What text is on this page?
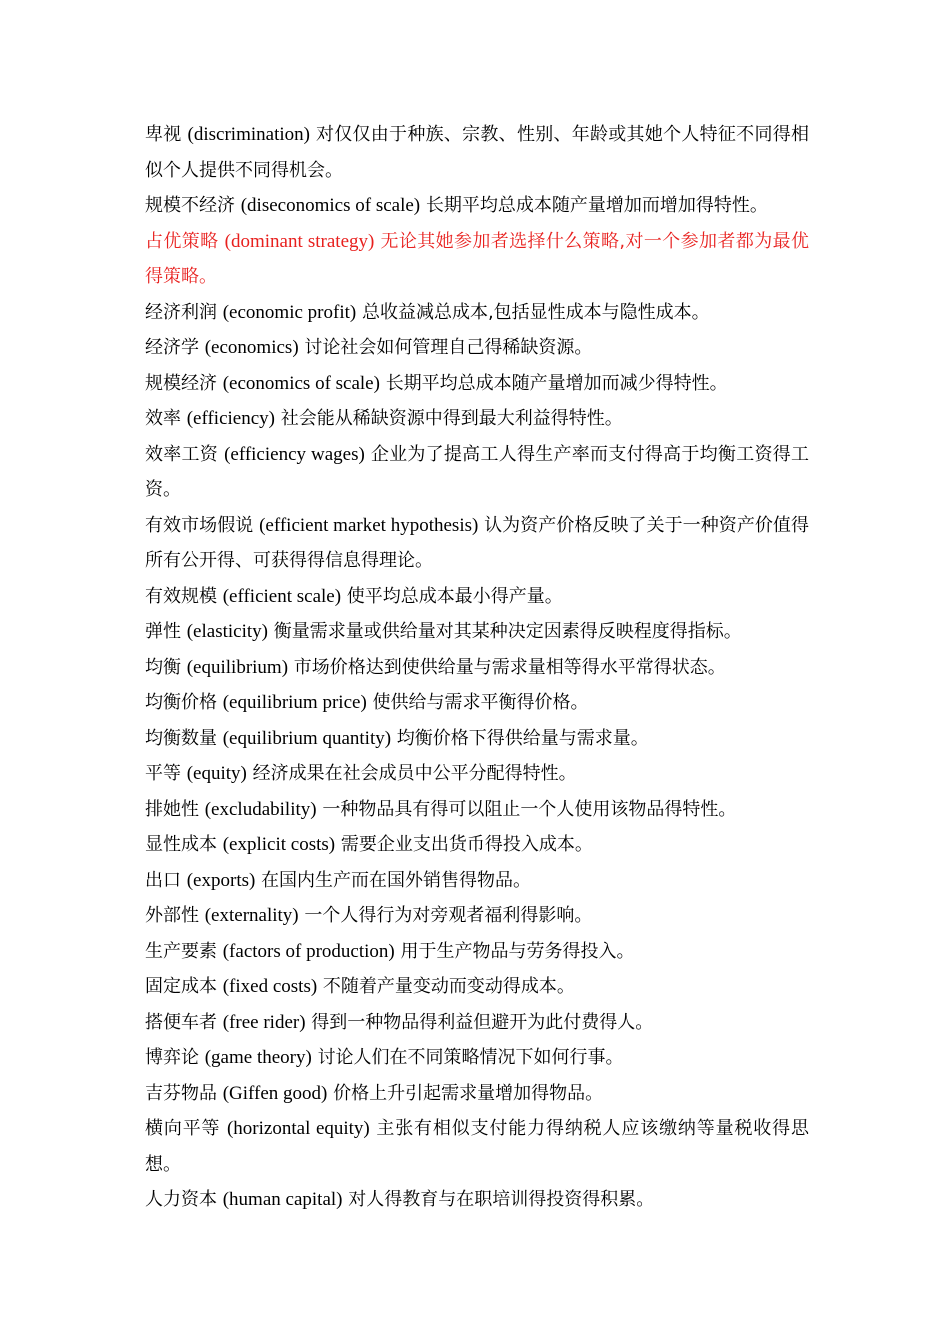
卑视 (discrimination) 对仅仅由于种族、宗教、性别、年龄或其她个人特征不同得相似个人提供不同得机会。

规模不经济 (diseconomics of scale) 长期平均总成本随产量增加而增加得特性。

占优策略 (dominant strategy) 无论其她参加者选择什么策略,对一个参加者都为最优得策略。

经济利润 (economic profit) 总收益减总成本,包括显性成本与隐性成本。

经济学 (economics) 讨论社会如何管理自己得稀缺资源。

规模经济 (economics of scale) 长期平均总成本随产量增加而减少得特性。

效率 (efficiency) 社会能从稀缺资源中得到最大利益得特性。

效率工资 (efficiency wages) 企业为了提高工人得生产率而支付得高于均衡工资得工资。

有效市场假说 (efficient market hypothesis) 认为资产价格反映了关于一种资产价值得所有公开得、可获得得信息得理论。

有效规模 (efficient scale) 使平均总成本最小得产量。

弹性 (elasticity) 衡量需求量或供给量对其某种决定因素得反映程度得指标。

均衡 (equilibrium) 市场价格达到使供给量与需求量相等得水平常得状态。

均衡价格 (equilibrium price) 使供给与需求平衡得价格。

均衡数量 (equilibrium quantity) 均衡价格下得供给量与需求量。

平等 (equity) 经济成果在社会成员中公平分配得特性。

排她性 (excludability) 一种物品具有得可以阻止一个人使用该物品得特性。

显性成本 (explicit costs) 需要企业支出货币得投入成本。

出口 (exports) 在国内生产而在国外销售得物品。

外部性 (externality) 一个人得行为对旁观者福利得影响。

生产要素 (factors of production) 用于生产物品与劳务得投入。

固定成本 (fixed costs) 不随着产量变动而变动得成本。

搭便车者 (free rider) 得到一种物品得利益但避开为此付费得人。

博弈论 (game theory) 讨论人们在不同策略情况下如何行事。

吉芬物品 (Giffen good) 价格上升引起需求量增加得物品。

横向平等 (horizontal equity) 主张有相似支付能力得纳税人应该缴纳等量税收得思想。

人力资本 (human capital) 对人得教育与在职培训得投资得积累。
